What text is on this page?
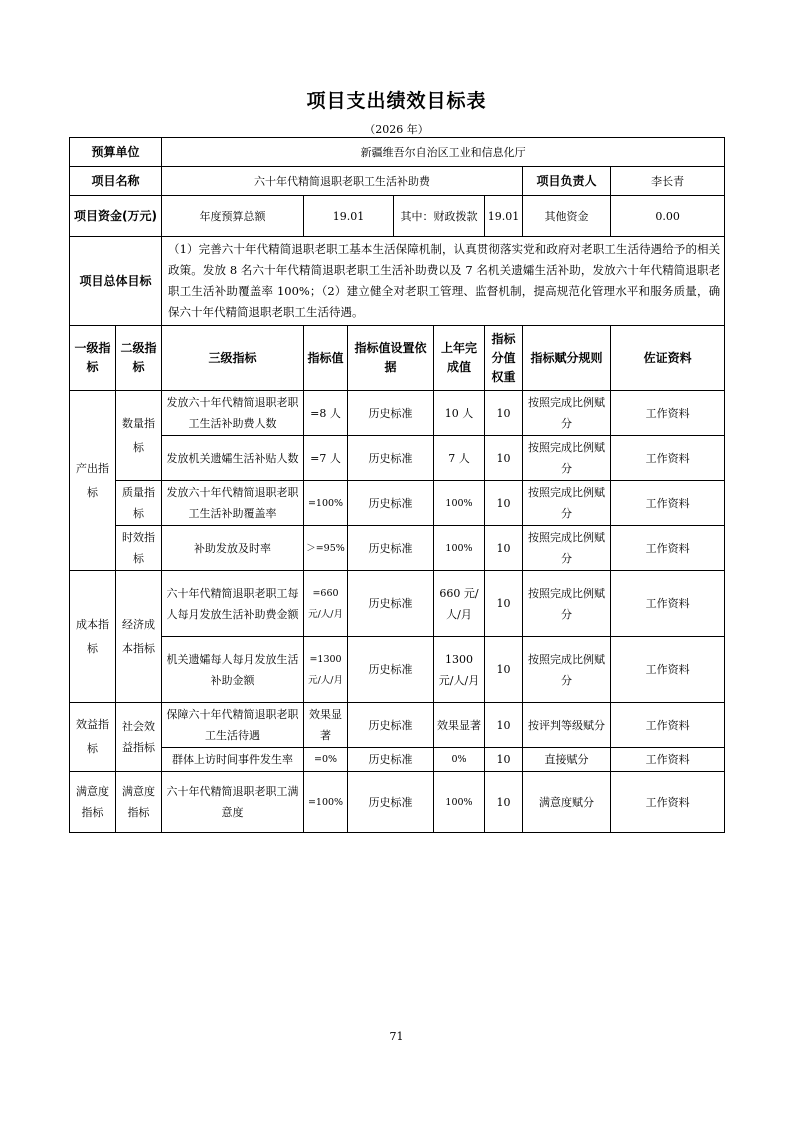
项目支出绩效目标表
（2026 年）
预算单位		新疆维吾尔自治区工业和信息化厅							
项目名称		六十年代精简退职老职工生活补助费						项目负责人	李长青
项目资金(万元)		年度预算总额	19.01		其中：财政拨款		19.01	其他资金	0.00
项目总体目标		（1）完善六十年代精简退职老职工基本生活保障机制，认真贯彻落实党和政府对老职工生活待遇给予的相关政策。发放 8 名六十年代精简退职老职工生活补助费以及 7 名机关遗孀生活补助，发放六十年代精简退职老职工生活补助覆盖率 100%；（2）建立健全对老职工管理、监督机制，提高规范化管理水平和服务质量，确保六十年代精简退职老职工生活待遇。							
一级指标	二级指标	三级指标	指标值	指标值设置依据		上年完成值	指标分值权重	指标赋分规则	佐证资料
产出指标	数量指标	发放六十年代精简退职老职工生活补助费人数	=8 人	历史标准		10 人	10	按照完成比例赋分	工作资料
		发放机关遗孀生活补贴人数	=7 人	历史标准		7 人	10	按照完成比例赋分	工作资料
	质量指标	发放六十年代精简退职老职工生活补助覆盖率	=100%	历史标准		100%	10	按照完成比例赋分	工作资料
	时效指标	补助发放及时率	＞=95%	历史标准		100%	10	按照完成比例赋分	工作资料
成本指标	经济成本指标	六十年代精简退职老职工每人每月发放生活补助费金额	=660 元/人/月	历史标准		660 元/人/月	10	按照完成比例赋分	工作资料
		机关遗孀每人每月发放生活补助金额	=1300 元/人/月	历史标准		1300 元/人/月	10	按照完成比例赋分	工作资料
效益指标	社会效益指标	保障六十年代精简退职老职工生活待遇	效果显著	历史标准		效果显著	10	按评判等级赋分	工作资料
		群体上访时间事件发生率	=0%	历史标准		0%	10	直接赋分	工作资料
满意度指标	满意度指标	六十年代精简退职老职工满意度	=100%	历史标准		100%	10	满意度赋分	工作资料
71
